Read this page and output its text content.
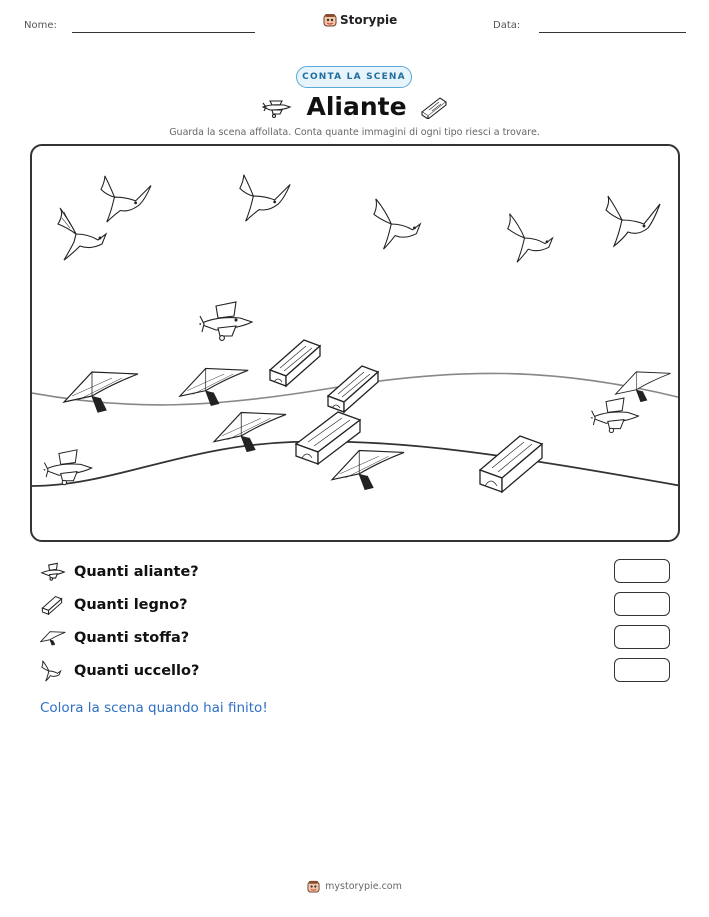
Nome:	Storypie	Data:
CONTA LA SCENA
Aliante
Guarda la scena affollata. Conta quante immagini di ogni tipo riesci a trovare.
Quanti aliante?
Quanti legno?
Quanti stoffa?
Quanti uccello?
Colora la scena quando hai finito!
mystorypie.com
